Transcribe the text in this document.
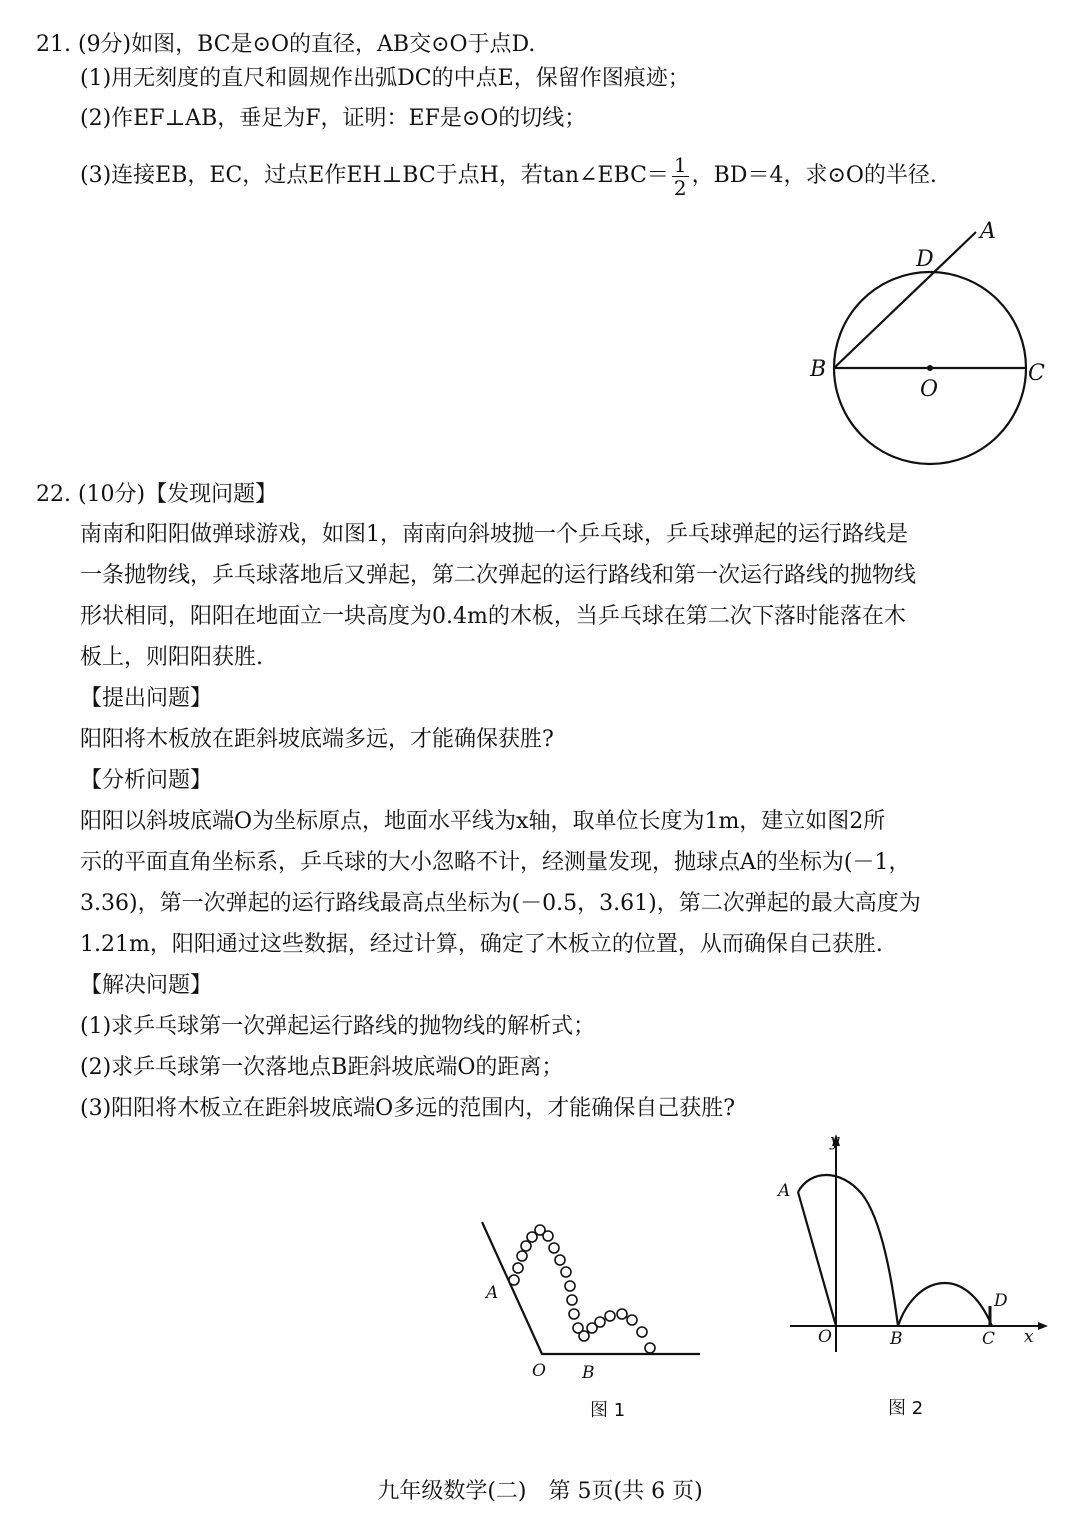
21. (9分)如图，BC是⊙O的直径，AB交⊙O于点D.
(1)用无刻度的直尺和圆规作出弧DC的中点E，保留作图痕迹；
(2)作EF⊥AB，垂足为F，证明：EF是⊙O的切线；
(3)连接EB，EC，过点E作EH⊥BC于点H，若tan∠EBC＝ $\frac{1}{2}$ ，BD＝4，求⊙O的半径.
A
D
B
O
C
22. (10分)【发现问题】
南南和阳阳做弹球游戏，如图1，南南向斜坡抛一个乒乓球，乒乓球弹起的运行路线是
一条抛物线，乒乓球落地后又弹起，第二次弹起的运行路线和第一次运行路线的抛物线
形状相同，阳阳在地面立一块高度为0.4m的木板，当乒乓球在第二次下落时能落在木
板上，则阳阳获胜.
【提出问题】
阳阳将木板放在距斜坡底端多远，才能确保获胜?
【分析问题】
阳阳以斜坡底端O为坐标原点，地面水平线为x轴，取单位长度为1m，建立如图2所
示的平面直角坐标系，乒乓球的大小忽略不计，经测量发现，抛球点A的坐标为(－1，
3.36)，第一次弹起的运行路线最高点坐标为(－0.5，3.61)，第二次弹起的最大高度为
1.21m，阳阳通过这些数据，经过计算，确定了木板立的位置，从而确保自己获胜.
【解决问题】
(1)求乒乓球第一次弹起运行路线的抛物线的解析式；
(2)求乒乓球第一次落地点B距斜坡底端O的距离；
(3)阳阳将木板立在距斜坡底端O多远的范围内，才能确保自己获胜?
A
O B
图 1
y
A
O	B	C
D
x
图 2
九年级数学(二)　第 5页(共 6 页)
